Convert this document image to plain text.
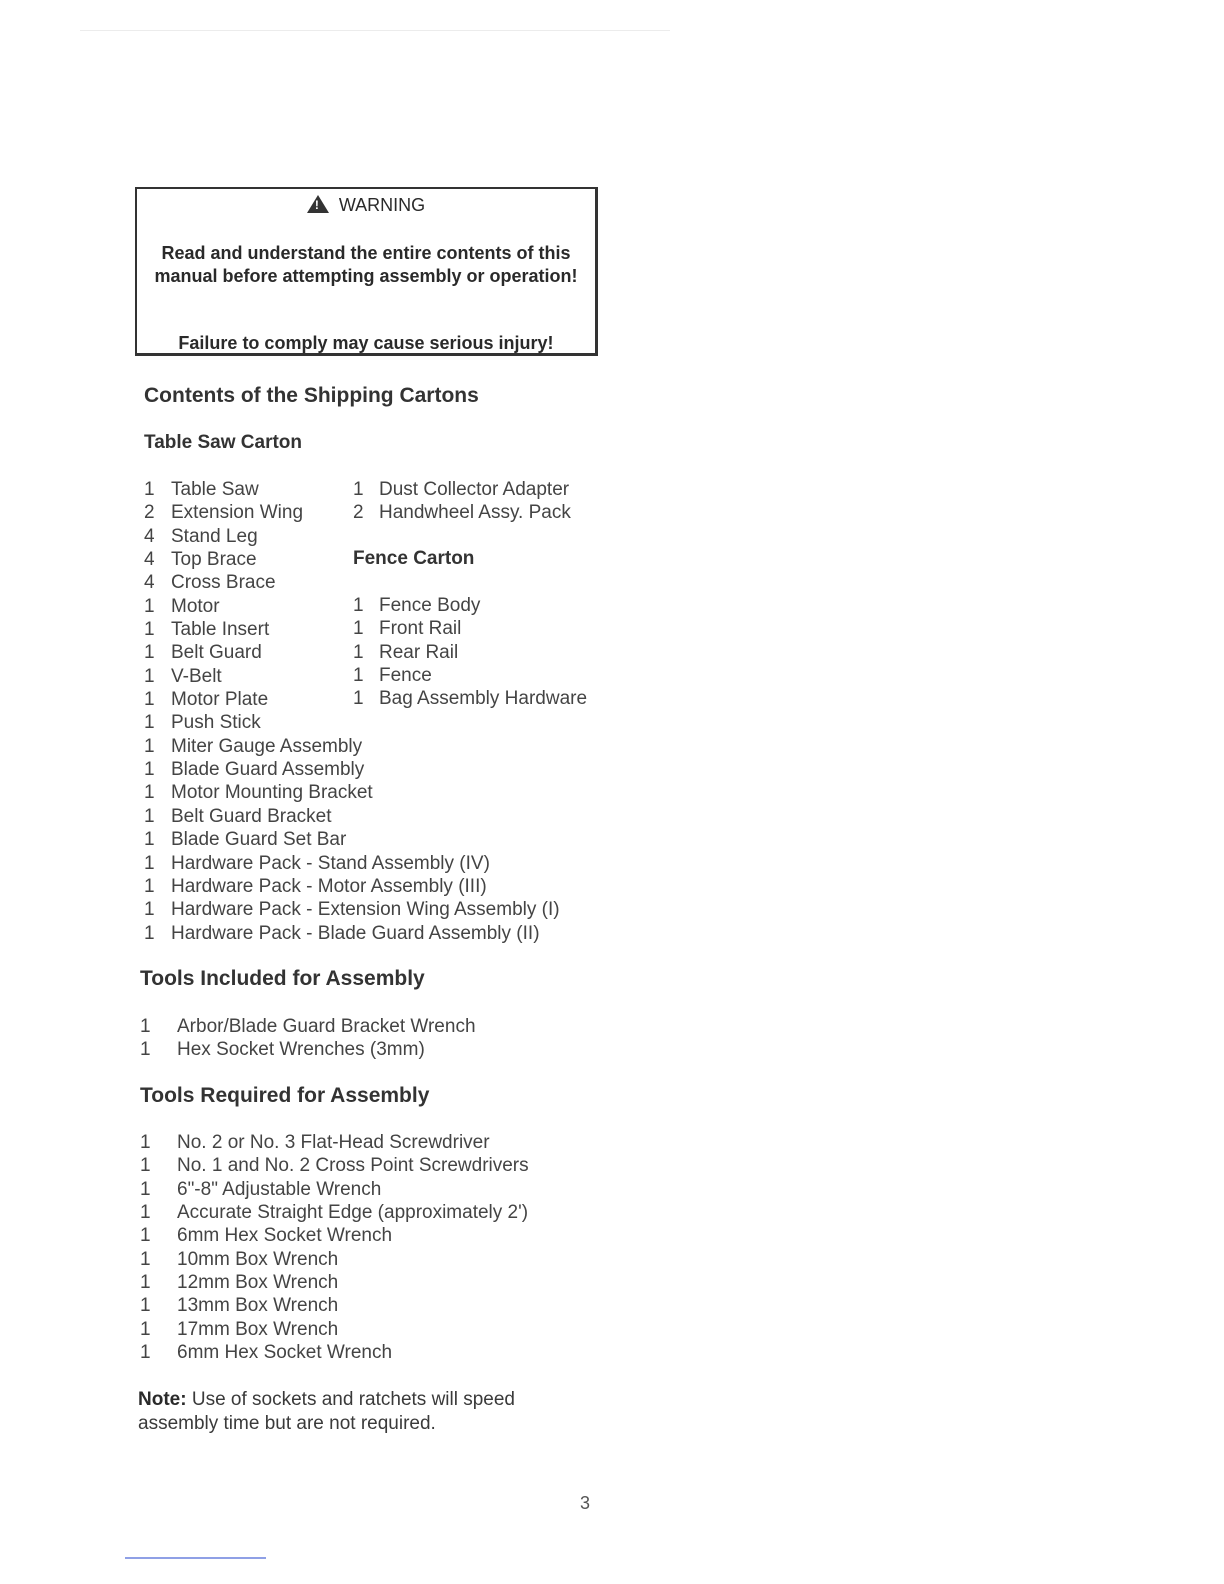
!WARNING
Read and understand the entire contents of this manual before attempting assembly or operation!
Failure to comply may cause serious injury!
Contents of the Shipping Cartons
Table Saw Carton
1 Table Saw
2 Extension Wing
4 Stand Leg
4 Top Brace
4 Cross Brace
1 Motor
1 Table Insert
1 Belt Guard
1 V-Belt
1 Motor Plate
1 Push Stick
1 Miter Gauge Assembly
1 Blade Guard Assembly
1 Motor Mounting Bracket
1 Belt Guard Bracket
1 Blade Guard Set Bar
1 Hardware Pack - Stand Assembly (IV)
1 Hardware Pack - Motor Assembly (III)
1 Hardware Pack - Extension Wing Assembly (I)
1 Hardware Pack - Blade Guard Assembly (II)
1 Dust Collector Adapter
2 Handwheel Assy. Pack
Fence Carton
1 Fence Body
1 Front Rail
1 Rear Rail
1 Fence
1 Bag Assembly Hardware
Tools Included for Assembly
1 Arbor/Blade Guard Bracket Wrench
1 Hex Socket Wrenches (3mm)
Tools Required for Assembly
1 No. 2 or No. 3 Flat-Head Screwdriver
1 No. 1 and No. 2 Cross Point Screwdrivers
1 6"-8" Adjustable Wrench
1 Accurate Straight Edge (approximately 2')
1 6mm Hex Socket Wrench
1 10mm Box Wrench
1 12mm Box Wrench
1 13mm Box Wrench
1 17mm Box Wrench
1 6mm Hex Socket Wrench
Note: Use of sockets and ratchets will speed assembly time but are not required.
3
